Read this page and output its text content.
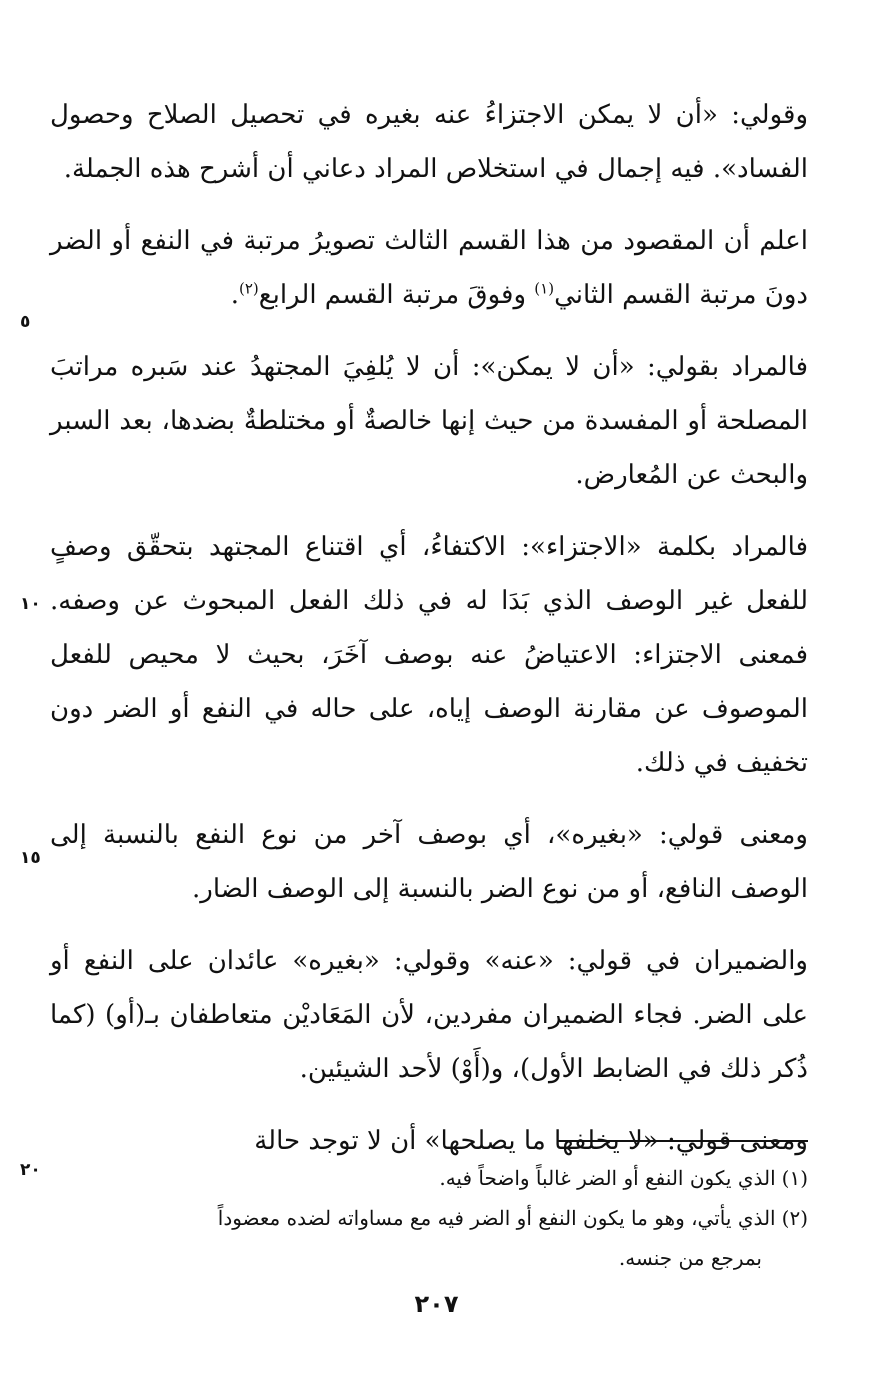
وقولي: «أن لا يمكن الاجتزاءُ عنه بغيره في تحصيل الصلاح وحصول الفساد». فيه إجمال في استخلاص المراد دعاني أن أشرح هذه الجملة.

اعلم أن المقصود من هذا القسم الثالث تصويرُ مرتبة في النفع أو الضر دونَ مرتبة القسم الثاني$^{(١)}$ وفوقَ مرتبة القسم الرابع$^{(٢)}$.

فالمراد بقولي: «أن لا يمكن»: أن لا يُلفِيَ المجتهدُ عند سَبره مراتبَ المصلحة أو المفسدة من حيث إنها خالصةٌ أو مختلطةٌ بضدها، بعد السبر والبحث عن المُعارض.

فالمراد بكلمة «الاجتزاء»: الاكتفاءُ، أي اقتناع المجتهد بتحقّق وصفٍ للفعل غير الوصف الذي بَدَا له في ذلك الفعل المبحوث عن وصفه. فمعنى الاجتزاء: الاعتياضُ عنه بوصف آخَرَ، بحيث لا محيص للفعل الموصوف عن مقارنة الوصف إياه، على حاله في النفع أو الضر دون تخفيف في ذلك.

ومعنى قولي: «بغيره»، أي بوصف آخر من نوع النفع بالنسبة إلى الوصف النافع، أو من نوع الضر بالنسبة إلى الوصف الضار.

والضميران في قولي: «عنه» وقولي: «بغيره» عائدان على النفع أو على الضر. فجاء الضميران مفردين، لأن المَعَاديْن متعاطفان بـ(أو) (كما ذُكر ذلك في الضابط الأول)، و(أَوْ) لأحد الشيئين.

ومعنى قولي: «لا يخلفها ما يصلحها» أن لا توجد حالة

٥
١٠
١٥
٢٠	(١)الذي يكون النفع أو الضر غالباً واضحاً فيه.

(٢)الذي يأتي، وهو ما يكون النفع أو الضر فيه مع مساواته لضده معضوداً
بمرجع من جنسه.

٢٠٧
